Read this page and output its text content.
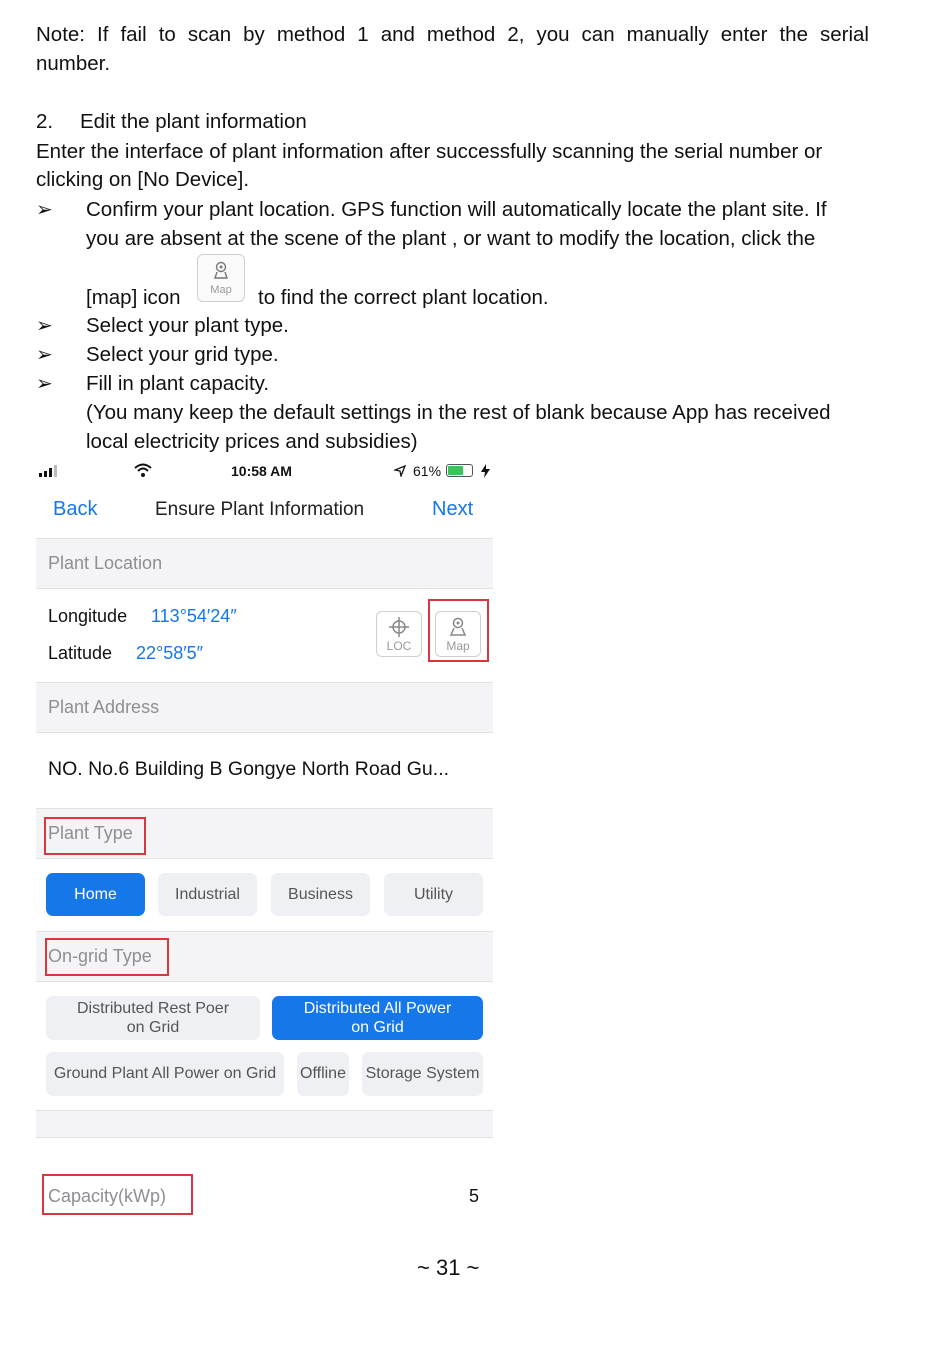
Note: If fail to scan by method 1 and method 2, you can manually enter the serial
number.
2. Edit the plant information
Enter the interface of plant information after successfully scanning the serial number or
clicking on [No Device].
➢ Confirm your plant location. GPS function will automatically locate the plant site. If
you are absent at the scene of the plant , or want to modify the location, click the
[map] icon	Map	to find the correct plant location.
➢ Select your plant type.
➢ Select your grid type.
➢ Fill in plant capacity.
(You many keep the default settings in the rest of blank because App has received
local electricity prices and subsidies)
10:58 AM	61%
Back	Ensure Plant Information	Next
Plant Location
Longitude 113°54′24″
Latitude 22°58′5″	LOC	Map
Plant Address
NO. No.6 Building B Gongye North Road Gu...
Plant Type
Home	Industrial	Business	Utility
On-grid Type
Distributed Rest Poer
on Grid
Distributed All Power
on Grid
Ground Plant All Power on Grid	Offline Storage System
Capacity(kWp)	5
~ 31 ~
